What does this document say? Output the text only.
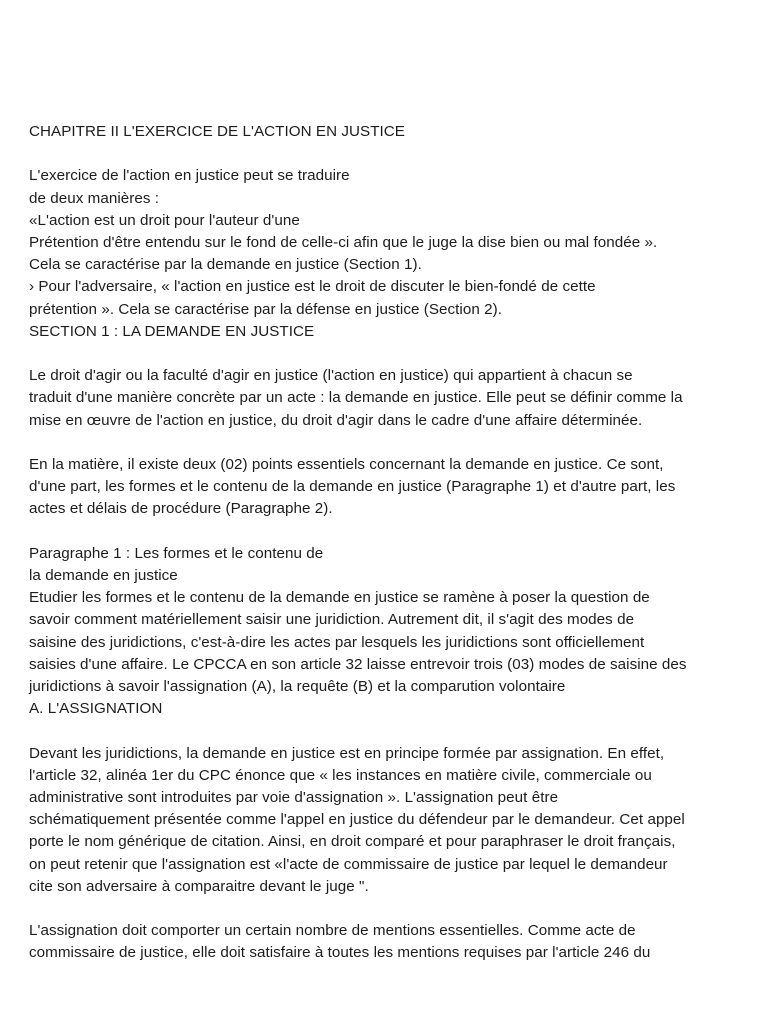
CHAPITRE II L'EXERCICE DE L'ACTION EN JUSTICE
L'exercice de l'action en justice peut se traduire
de deux manières :
«L'action est un droit pour l'auteur d'une
Prétention d'être entendu sur le fond de celle-ci afin que le juge la dise bien ou mal fondée ».
Cela se caractérise par la demande en justice (Section 1).
› Pour l'adversaire, « l'action en justice est le droit de discuter le bien-fondé de cette
prétention ». Cela se caractérise par la défense en justice (Section 2).
SECTION 1 : LA DEMANDE EN JUSTICE
Le droit d'agir ou la faculté d'agir en justice (l'action en justice) qui appartient à chacun se
traduit d'une manière concrète par un acte : la demande en justice. Elle peut se définir comme la
mise en œuvre de l'action en justice, du droit d'agir dans le cadre d'une affaire déterminée.
En la matière, il existe deux (02) points essentiels concernant la demande en justice. Ce sont,
d'une part, les formes et le contenu de la demande en justice (Paragraphe 1) et d'autre part, les
actes et délais de procédure (Paragraphe 2).
Paragraphe 1 : Les formes et le contenu de
la demande en justice
Etudier les formes et le contenu de la demande en justice se ramène à poser la question de
savoir comment matériellement saisir une juridiction. Autrement dit, il s'agit des modes de
saisine des juridictions, c'est-à-dire les actes par lesquels les juridictions sont officiellement
saisies d'une affaire. Le CPCCA en son article 32 laisse entrevoir trois (03) modes de saisine des
juridictions à savoir l'assignation (A), la requête (B) et la comparution volontaire
A. L'ASSIGNATION
Devant les juridictions, la demande en justice est en principe formée par assignation. En effet,
l'article 32, alinéa 1er du CPC énonce que « les instances en matière civile, commerciale ou
administrative sont introduites par voie d'assignation ». L'assignation peut être
schématiquement présentée comme l'appel en justice du défendeur par le demandeur. Cet appel
porte le nom générique de citation. Ainsi, en droit comparé et pour paraphraser le droit français,
on peut retenir que l'assignation est «l'acte de commissaire de justice par lequel le demandeur
cite son adversaire à comparaitre devant le juge ".
L'assignation doit comporter un certain nombre de mentions essentielles. Comme acte de
commissaire de justice, elle doit satisfaire à toutes les mentions requises par l'article 246 du
